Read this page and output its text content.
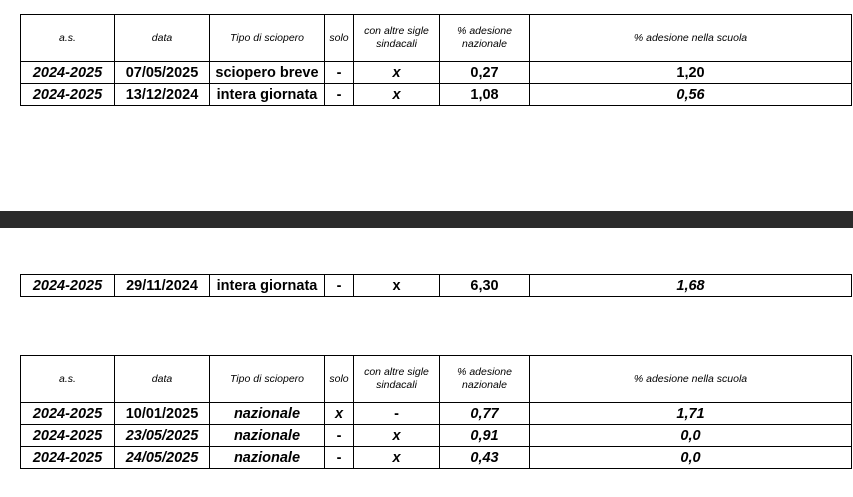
a.s.	data	Tipo di sciopero	solo	con altre sigle sindacali	% adesione nazionale	% adesione nella scuola
2024-2025	07/05/2025	sciopero breve	-	x	0,27	1,20
2024-2025	13/12/2024	intera giornata	-	x	1,08	0,56
2024-2025	29/11/2024	intera giornata	-	x	6,30	1,68
a.s.	data	Tipo di sciopero	solo	con altre sigle sindacali	% adesione nazionale	% adesione nella scuola
2024-2025	10/01/2025	nazionale	x	-	0,77	1,71
2024-2025	23/05/2025	nazionale	-	x	0,91	0,0
2024-2025	24/05/2025	nazionale	-	x	0,43	0,0
